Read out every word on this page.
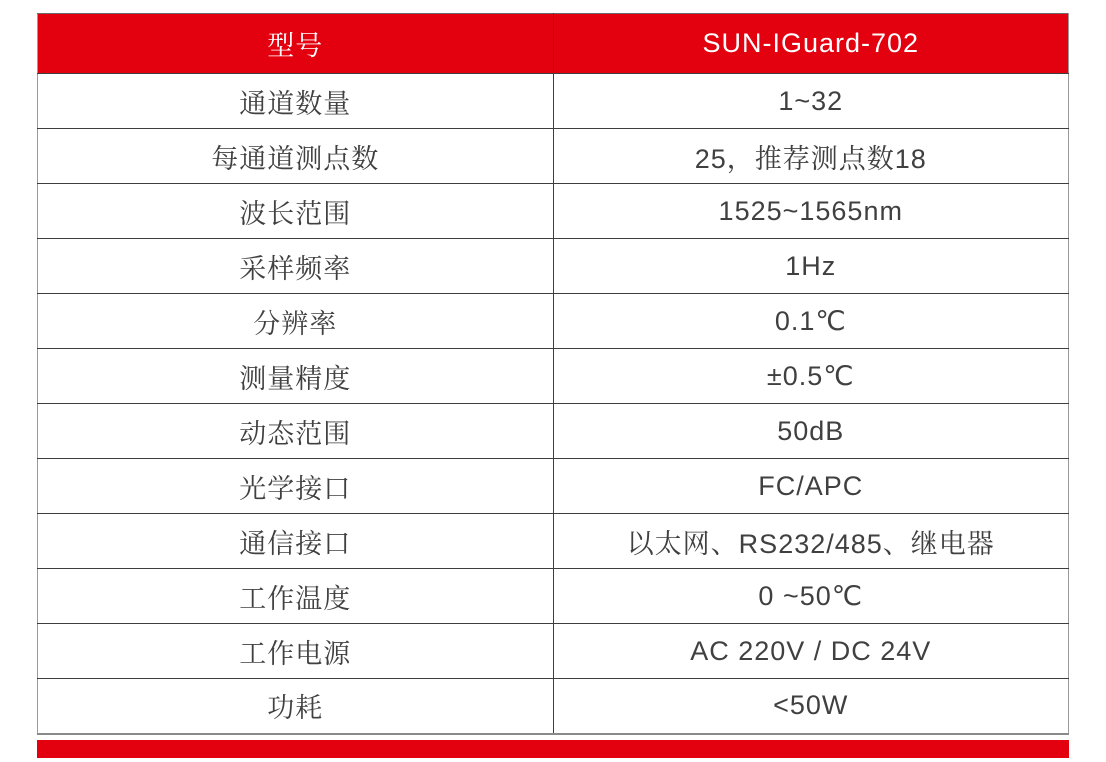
型号	SUN-IGuard-702
通道数量	1~32
每通道测点数	25，推荐测点数18
波长范围	1525~1565nm
采样频率	1Hz
分辨率	0.1℃
测量精度	±0.5℃
动态范围	50dB
光学接口	FC/APC
通信接口	以太网、RS232/485、继电器
工作温度	0 ~50℃
工作电源	AC 220V / DC 24V
功耗	<50W
